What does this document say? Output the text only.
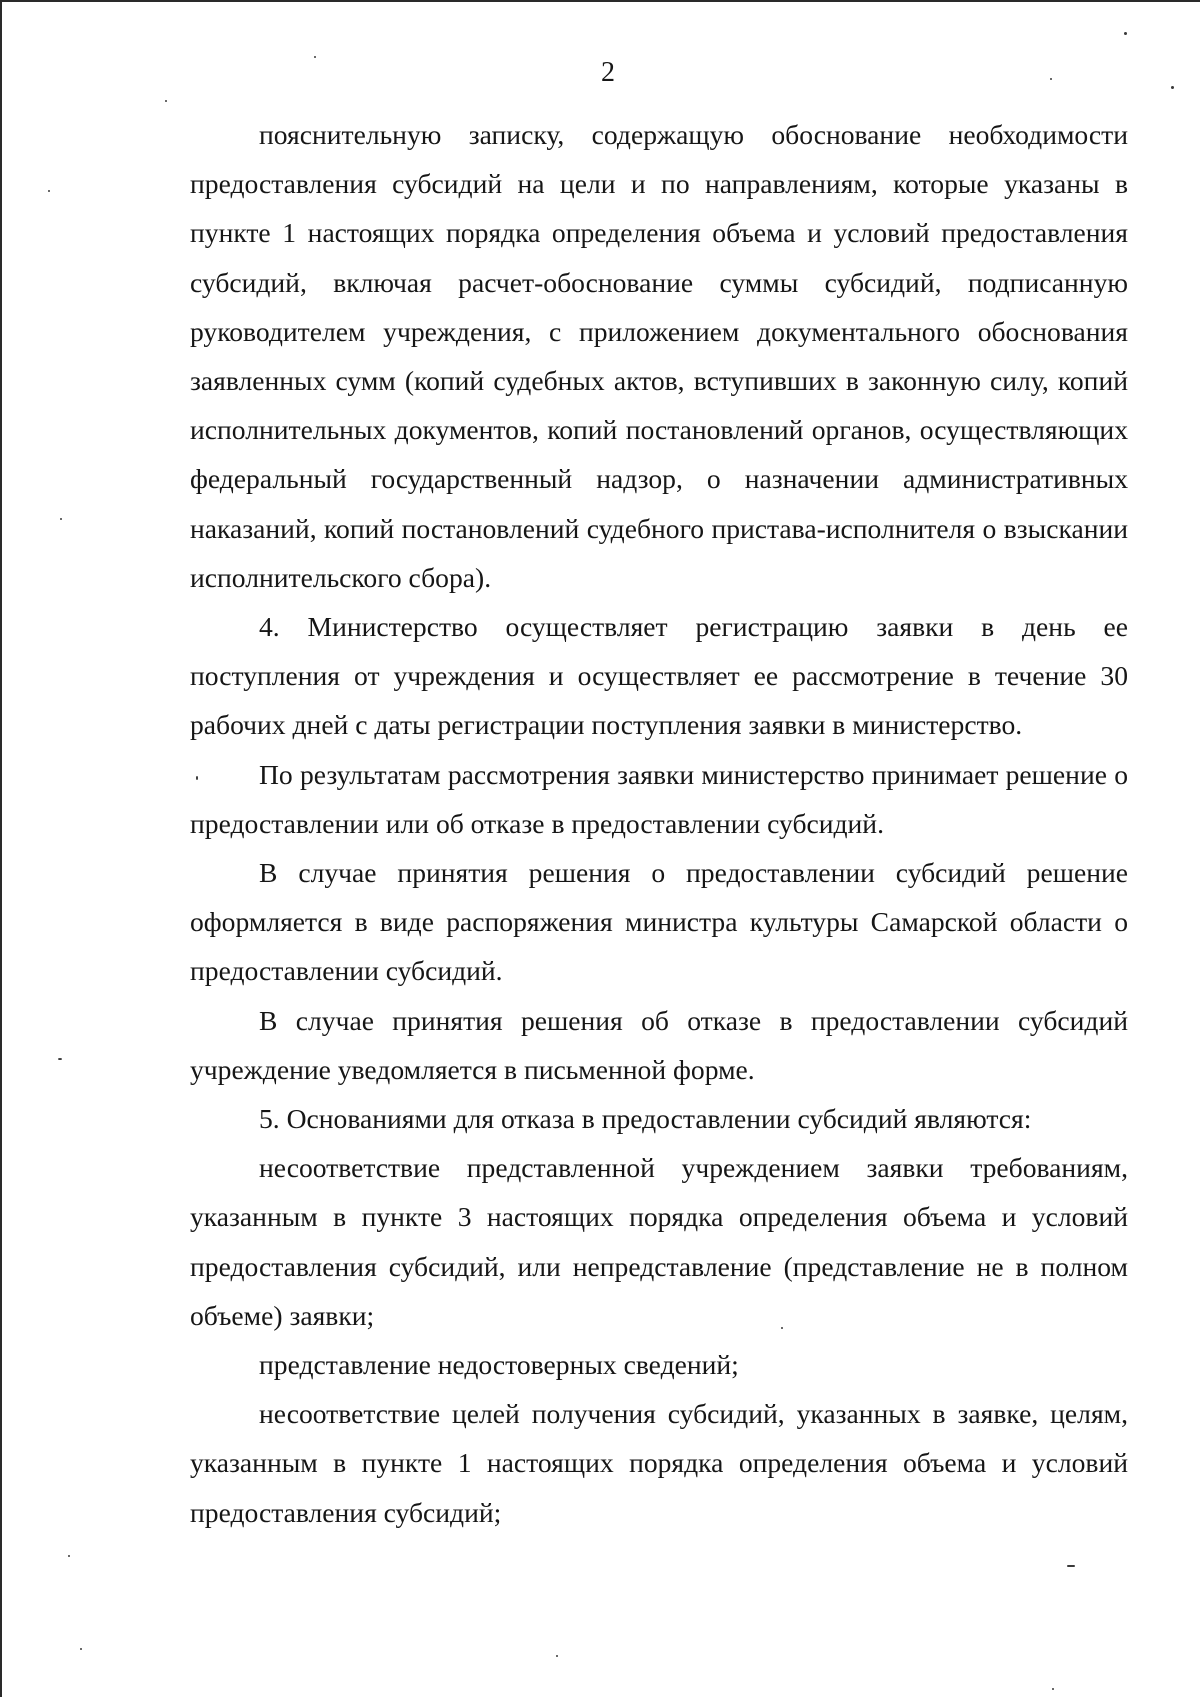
2

пояснительную записку, содержащую обоснование необходимости предоставления субсидий на цели и по направлениям, которые указаны в пункте 1 настоящих порядка определения объема и условий предоставления субсидий, включая расчет-обоснование суммы субсидий, подписанную руководителем учреждения, с приложением документального обоснования заявленных сумм (копий судебных актов, вступивших в законную силу, копий исполнительных документов, копий постановлений органов, осуществляющих федеральный государственный надзор, о назначении административных наказаний, копий постановлений судебного пристава-исполнителя о взыскании исполнительского сбора).

4. Министерство осуществляет регистрацию заявки в день ее поступления от учреждения и осуществляет ее рассмотрение в течение 30 рабочих дней с даты регистрации поступления заявки в министерство.

По результатам рассмотрения заявки министерство принимает решение о предоставлении или об отказе в предоставлении субсидий.

В случае принятия решения о предоставлении субсидий решение оформляется в виде распоряжения министра культуры Самарской области о предоставлении субсидий.

В случае принятия решения об отказе в предоставлении субсидий учреждение уведомляется в письменной форме.

5. Основаниями для отказа в предоставлении субсидий являются:

несоответствие представленной учреждением заявки требованиям, указанным в пункте 3 настоящих порядка определения объема и условий предоставления субсидий, или непредставление (представление не в полном объеме) заявки;

представление недостоверных сведений;

несоответствие целей получения субсидий, указанных в заявке, целям, указанным в пункте 1 настоящих порядка определения объема и условий предоставления субсидий;
